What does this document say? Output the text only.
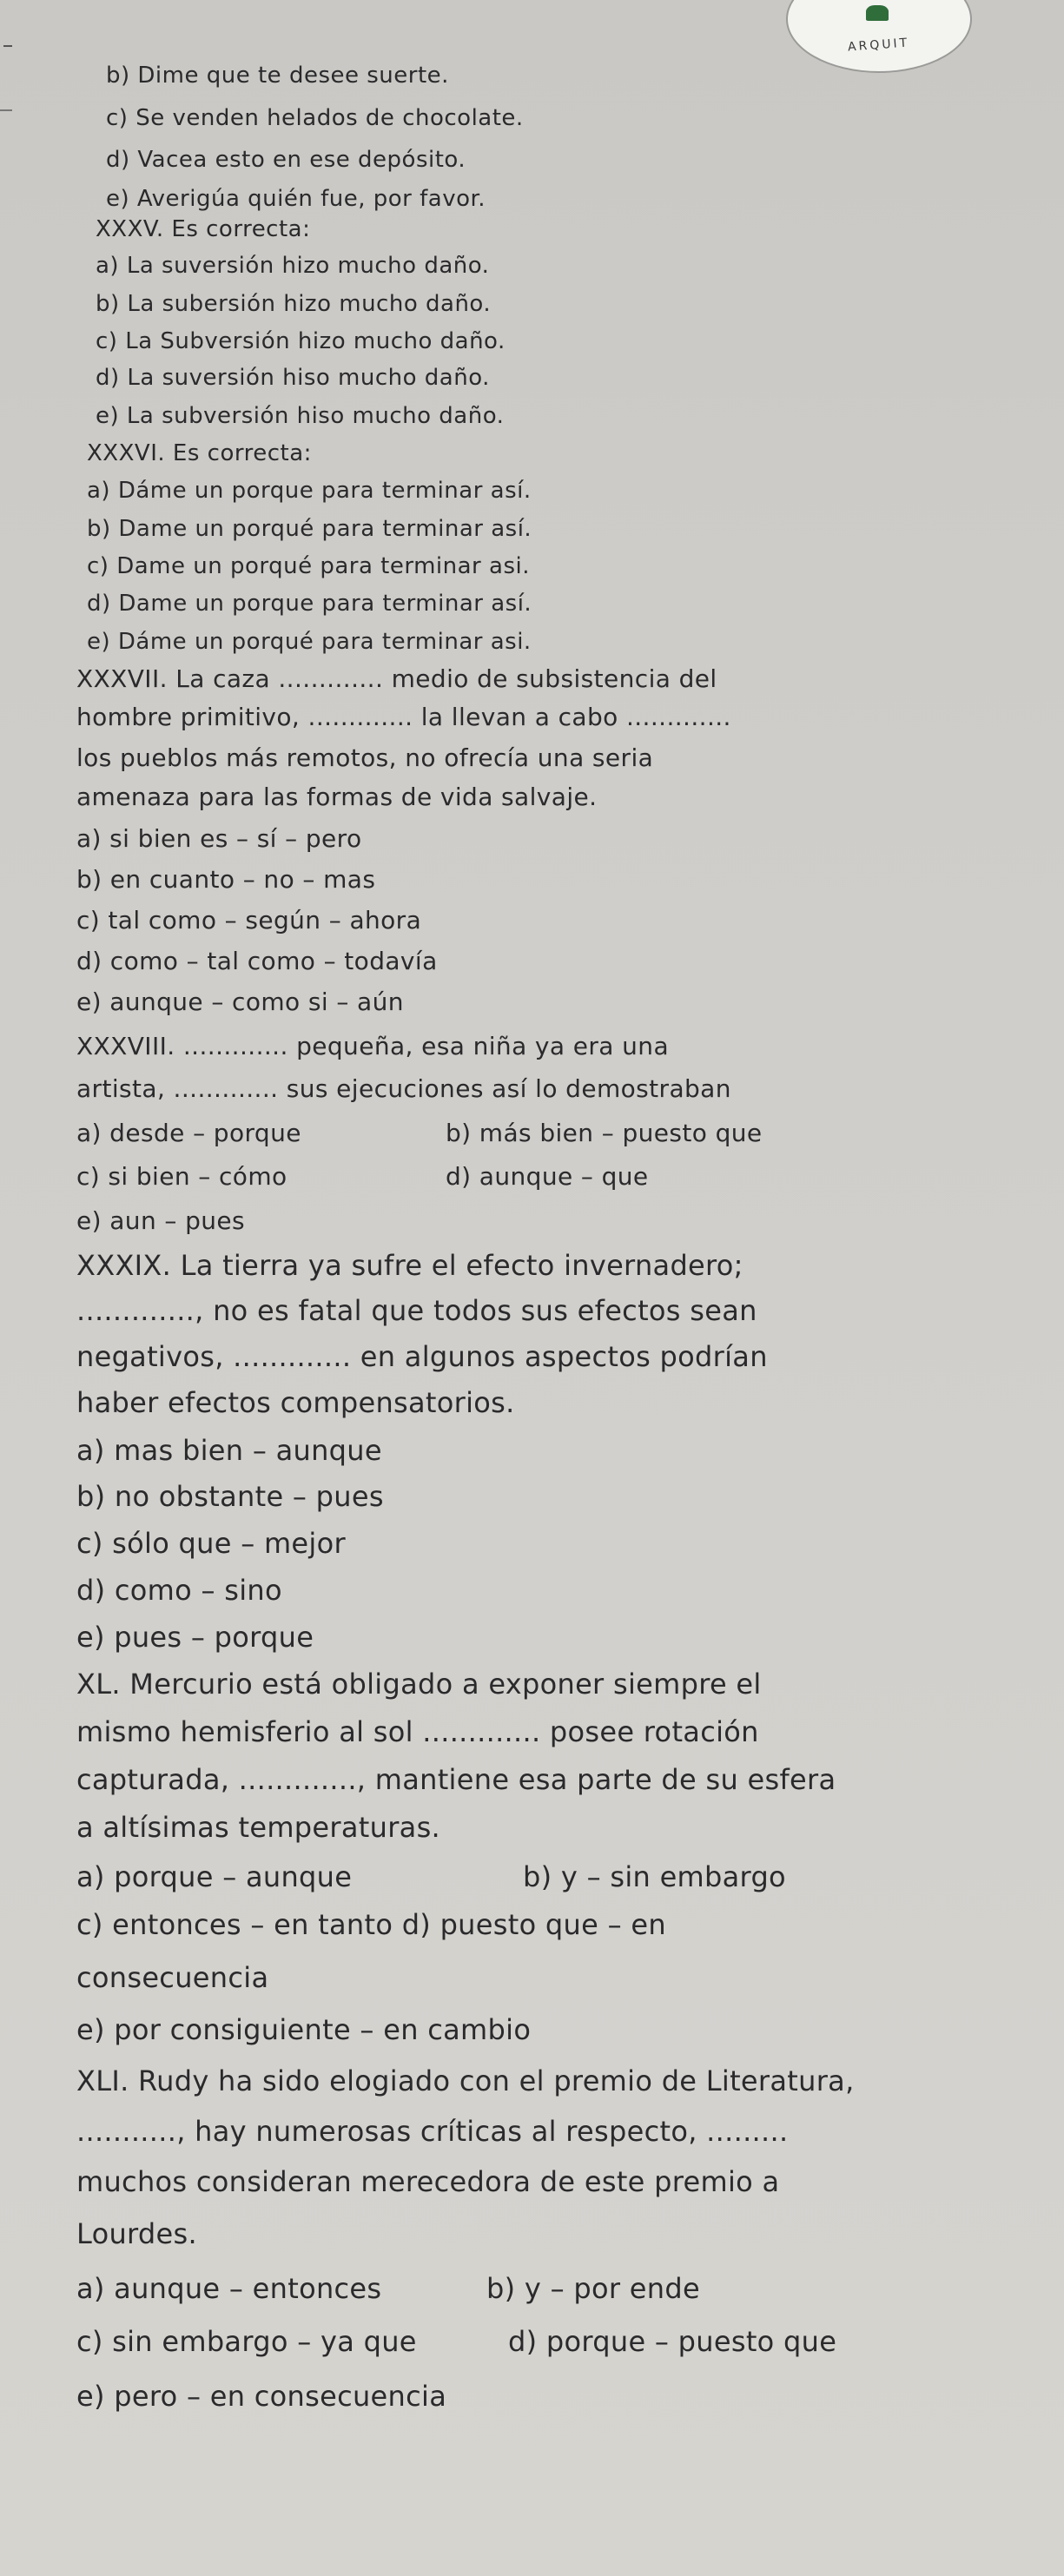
ARQUIT
b) Dime que te desee suerte.
c) Se venden helados de chocolate.
d) Vacea esto en ese depósito.
e) Averigúa quién fue, por favor.
XXXV. Es correcta:
a) La suversión hizo mucho daño.
b) La subersión hizo mucho daño.
c) La Subversión hizo mucho daño.
d) La suversión hiso mucho daño.
e) La subversión hiso mucho daño.
XXXVI. Es correcta:
a) Dáme un porque para terminar así.
b) Dame un porqué para terminar así.
c) Dame un porqué para terminar asi.
d) Dame un porque para terminar así.
e) Dáme un porqué para terminar asi.
XXXVII. La caza ............. medio de subsistencia del
hombre primitivo, ............. la llevan a cabo .............
los pueblos más remotos, no ofrecía una seria
amenaza para las formas de vida salvaje.
a) si bien es – sí – pero
b) en cuanto – no – mas
c) tal como – según – ahora
d) como – tal como – todavía
e) aunque – como si – aún
XXXVIII. ............. pequeña, esa niña ya era una
artista, ............. sus ejecuciones así lo demostraban
a) desde – porque	b) más bien – puesto que
c) si bien – cómo	d) aunque – que
e) aun – pues
XXXIX. La tierra ya sufre el efecto invernadero;
............., no es fatal que todos sus efectos sean
negativos, ............. en algunos aspectos podrían
haber efectos compensatorios.
a) mas bien – aunque
b) no obstante – pues
c) sólo que – mejor
d) como – sino
e) pues – porque
XL. Mercurio está obligado a exponer siempre el
mismo hemisferio al sol ............. posee rotación
capturada, ............., mantiene esa parte de su esfera
a altísimas temperaturas.
a) porque – aunque	b) y – sin embargo
c) entonces – en tanto d) puesto que – en
consecuencia
e) por consiguiente – en cambio
XLI. Rudy ha sido elogiado con el premio de Literatura,
..........., hay numerosas críticas al respecto, .........
muchos consideran merecedora de este premio a
Lourdes.
a) aunque – entonces	b) y – por ende
c) sin embargo – ya que	d) porque – puesto que
e) pero – en consecuencia
